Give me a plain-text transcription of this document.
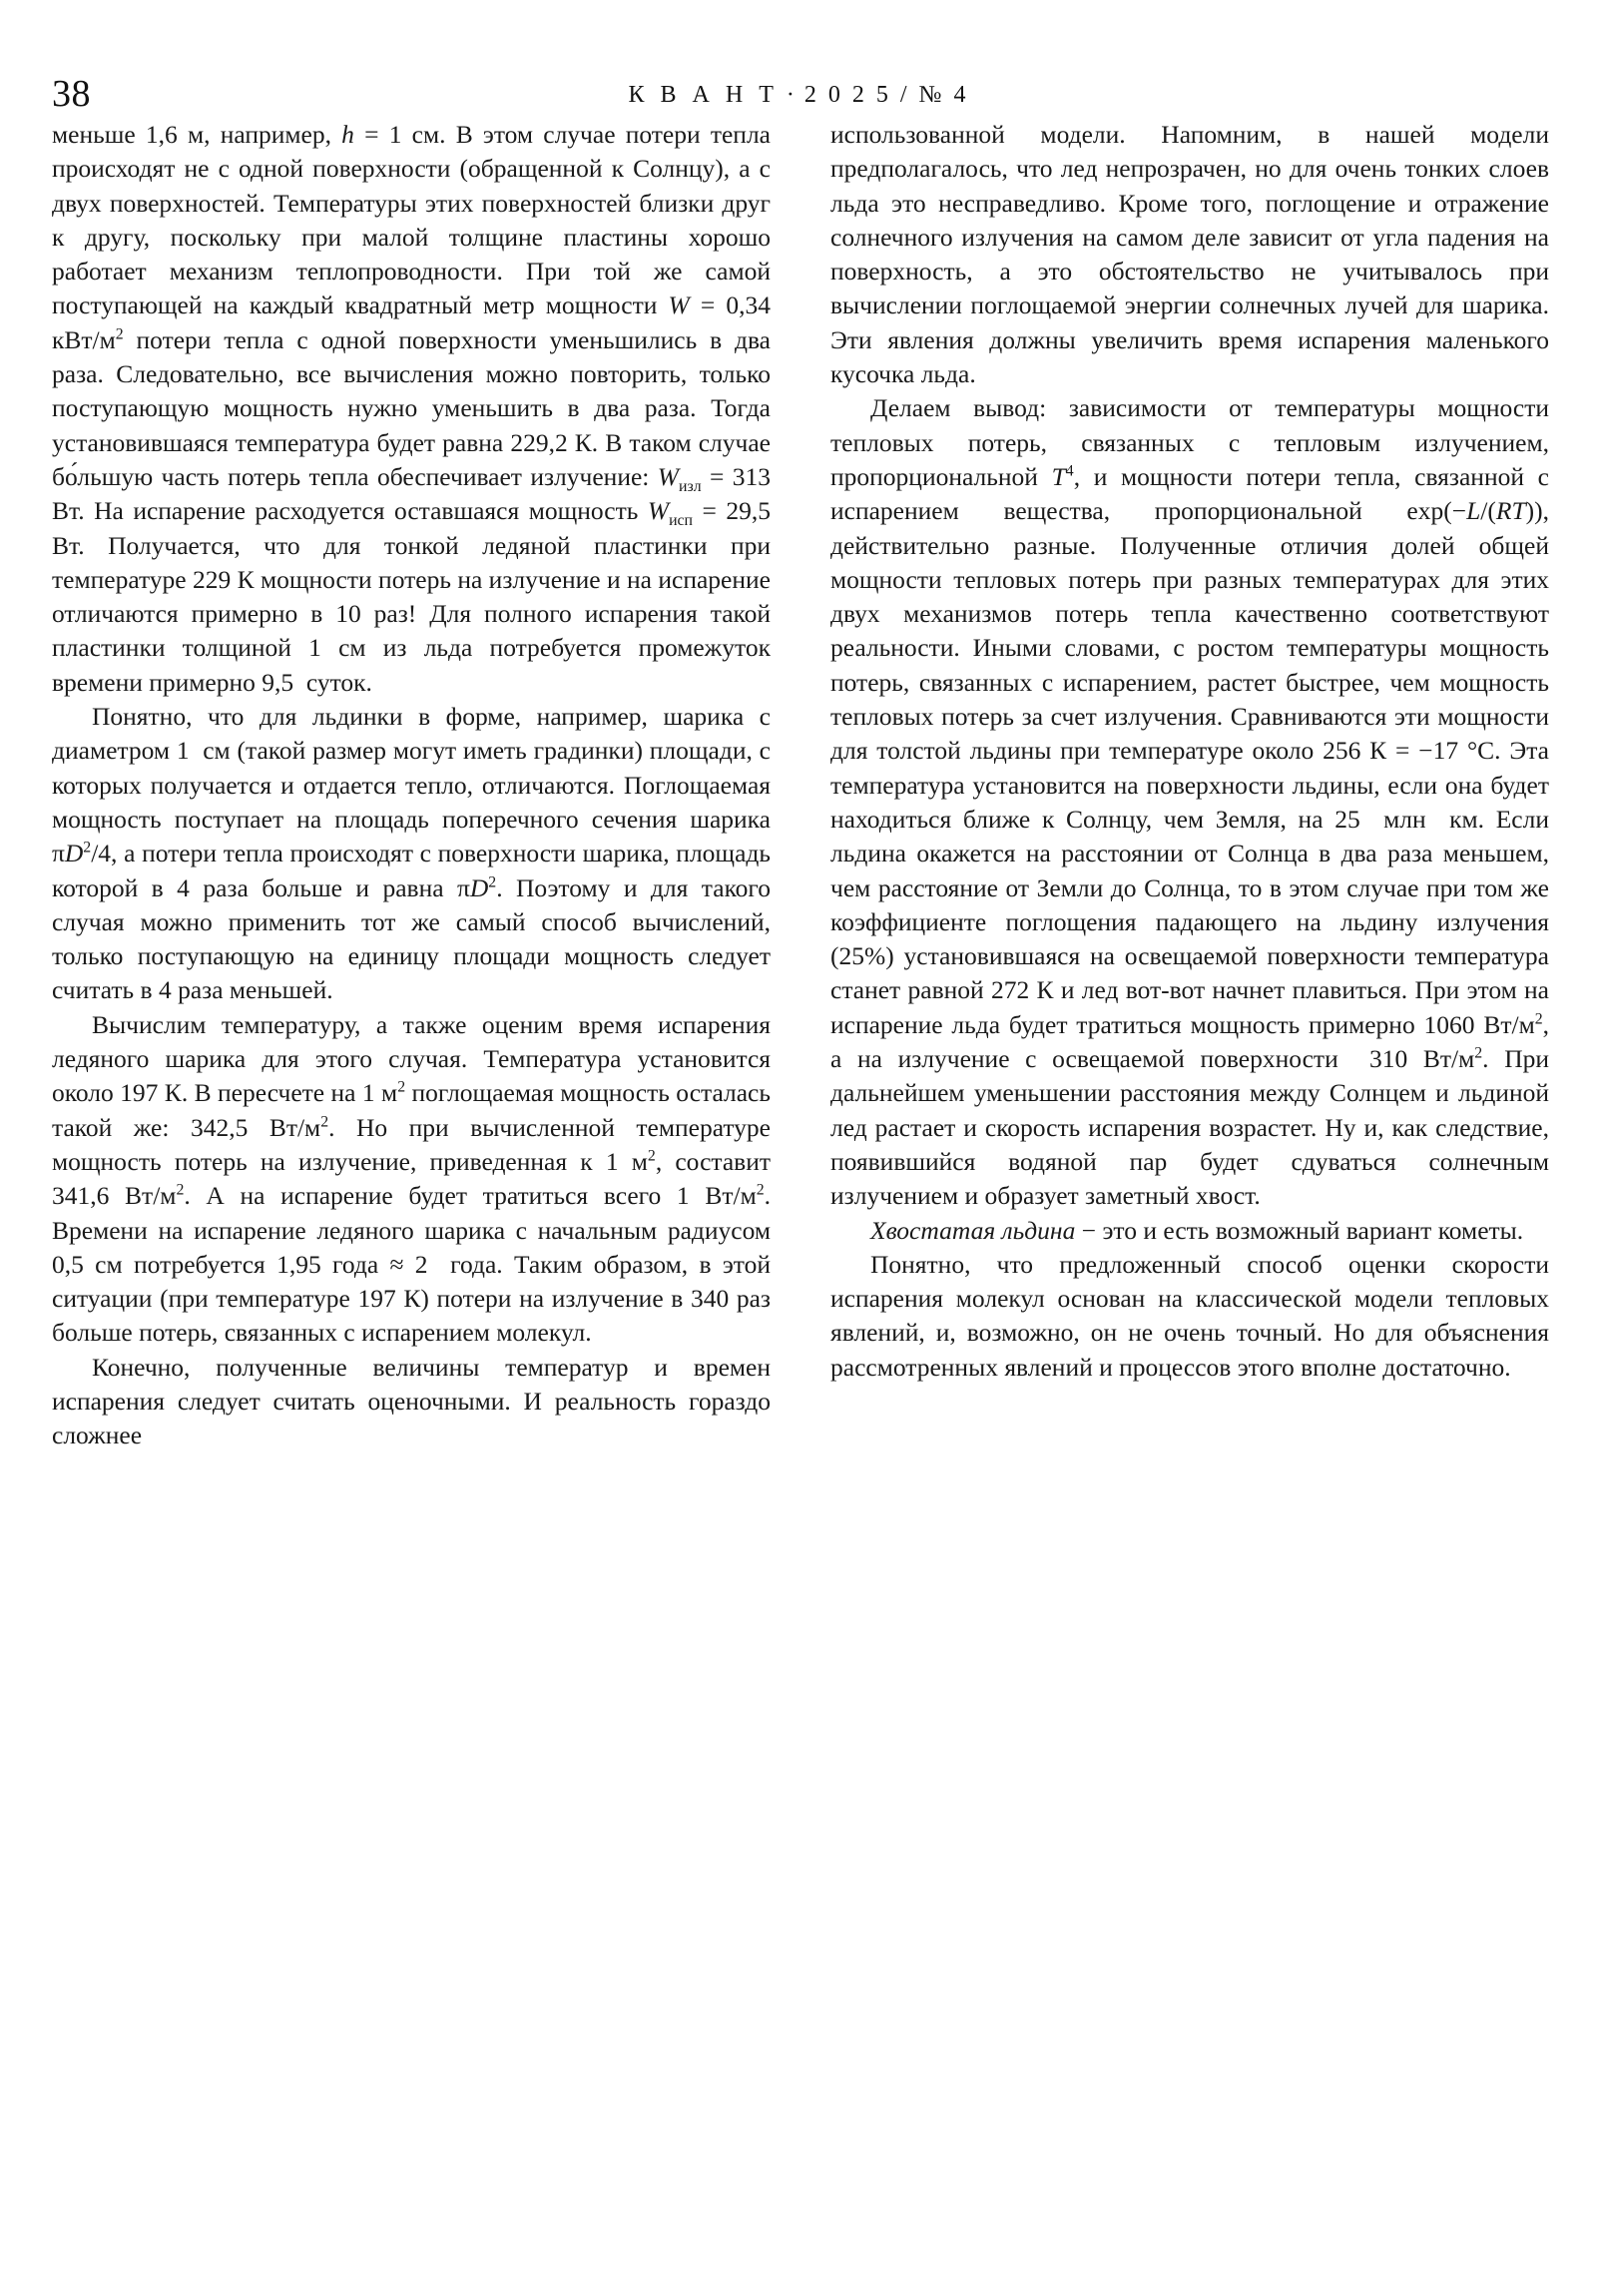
38	К В А Н Т · 2 0 2 5 / № 4

меньше 1,6 м, например, h = 1 см. В этом случае потери тепла происходят не с одной поверхности (обращенной к Солнцу), а с двух поверхностей. Температуры этих поверхностей близки друг к другу, поскольку при малой толщине пластины хорошо работает механизм теплопроводности. При той же самой поступающей на каждый квадратный метр мощности W = 0,34 кВт/$м^2$ потери тепла с одной поверхности уменьшились в два раза. Следовательно, все вычисления можно повторить, только поступающую мощность нужно уменьшить в два раза. Тогда установившаяся температура будет равна 229,2 К. В таком случае бо́льшую часть потерь тепла обеспечивает излучение: $W_{изл} = 313$ Вт. На испарение расходуется оставшаяся мощность $W_{исп} = 29,5$ Вт. Получается, что для тонкой ледяной пластинки при температуре 229 К мощности потерь на излучение и на испарение отличаются примерно в 10 раз! Для полного испарения такой пластинки толщиной 1 см из льда потребуется промежуток времени примерно 9,5  суток.

Понятно, что для льдинки в форме, например, шарика с диаметром 1  см (такой размер могут иметь градинки) площади, с которых получается и отдается тепло, отличаются. Поглощаемая мощность поступает на площадь поперечного сечения шарика $\pi D^2/4$, а потери тепла происходят с поверхности шарика, площадь которой в 4 раза больше и равна $\pi D^2$. Поэтому и для такого случая можно применить тот же самый способ вычислений, только поступающую на единицу площади мощность следует считать в 4 раза меньшей.

Вычислим температуру, а также оценим время испарения ледяного шарика для этого случая. Температура установится около 197 К. В пересчете на 1 $м^2$ поглощаемая мощность осталась такой же: 342,5 $Вт/м^2$. Но при вычисленной температуре мощность потерь на излучение, приведенная к 1 $м^2$, составит 341,6 $Вт/м^2$. А на испарение будет тратиться всего 1 $Вт/м^2$. Времени на испарение ледяного шарика с начальным радиусом 0,5 см потребуется 1,95 года ≈ 2  года. Таким образом, в этой ситуации (при температуре 197 К) потери на излучение в 340 раз больше потерь, связанных с испарением молекул.

Конечно, полученные величины температур и времен испарения следует считать оценочными. И реальность гораздо сложнее

использованной модели. Напомним, в нашей модели предполагалось, что лед непрозрачен, но для очень тонких слоев льда это несправедливо. Кроме того, поглощение и отражение солнечного излучения на самом деле зависит от угла падения на поверхность, а это обстоятельство не учитывалось при вычислении поглощаемой энергии солнечных лучей для шарика. Эти явления должны увеличить время испарения маленького кусочка льда.

Делаем вывод: зависимости от температуры мощности тепловых потерь, связанных с тепловым излучением, пропорциональной $T^4$, и мощности потери тепла, связанной с испарением вещества, пропорциональной exp(−L/(RT)), действительно разные. Полученные отличия долей общей мощности тепловых потерь при разных температурах для этих двух механизмов потерь тепла качественно соответствуют реальности. Иными словами, с ростом температуры мощность потерь, связанных с испарением, растет быстрее, чем мощность тепловых потерь за счет излучения. Сравниваются эти мощности для толстой льдины при температуре около 256 К = −17 °С. Эта температура установится на поверхности льдины, если она будет находиться ближе к Солнцу, чем Земля, на 25  млн  км. Если льдина окажется на расстоянии от Солнца в два раза меньшем, чем расстояние от Земли до Солнца, то в этом случае при том же коэффициенте поглощения падающего на льдину излучения (25%) установившаяся на освещаемой поверхности температура станет равной 272 К и лед вот-вот начнет плавиться. При этом на испарение льда будет тратиться мощность примерно 1060 $Вт/м^2$, а на излучение с освещаемой поверхности  310 $Вт/м^2$. При дальнейшем уменьшении расстояния между Солнцем и льдиной лед растает и скорость испарения возрастет. Ну и, как следствие, появившийся водяной пар будет сдуваться солнечным излучением и образует заметный хвост.

Хвостатая льдина − это и есть возможный вариант кометы.

Понятно, что предложенный способ оценки скорости испарения молекул основан на классической модели тепловых явлений, и, возможно, он не очень точный. Но для объяснения рассмотренных явлений и процессов этого вполне достаточно.
